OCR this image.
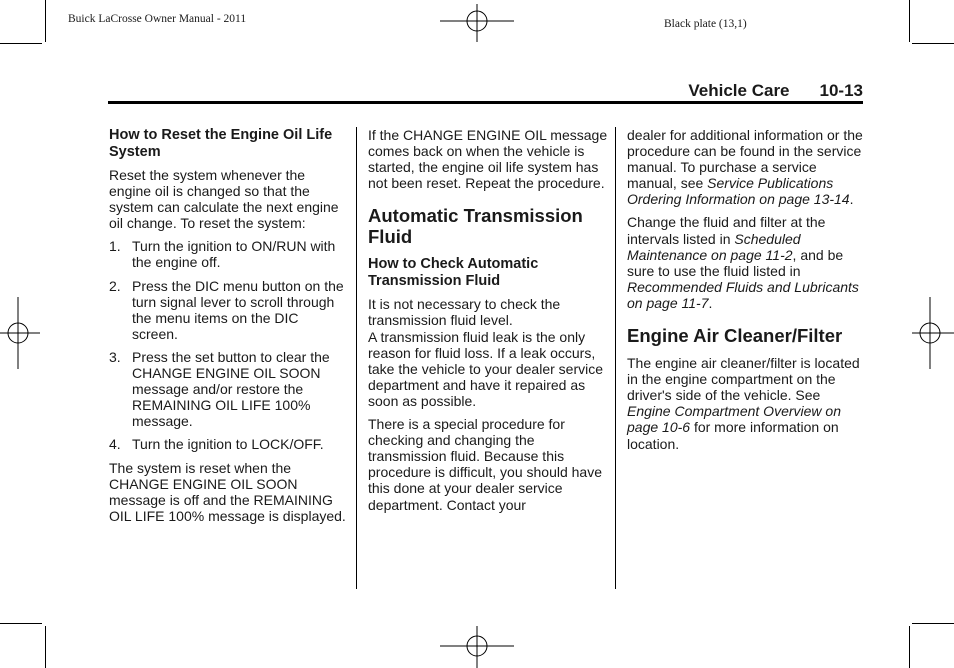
Buick LaCrosse Owner Manual - 2011	Black plate (13,1)
Vehicle Care 10-13
How to Reset the Engine Oil Life System

Reset the system whenever the engine oil is changed so that the system can calculate the next engine oil change. To reset the system:

1. Turn the ignition to ON/RUN with the engine off.
2. Press the DIC menu button on the turn signal lever to scroll through the menu items on the DIC screen.
3. Press the set button to clear the CHANGE ENGINE OIL SOON message and/or restore the REMAINING OIL LIFE 100% message.
4. Turn the ignition to LOCK/OFF.

The system is reset when the CHANGE ENGINE OIL SOON message is off and the REMAINING OIL LIFE 100% message is displayed.

If the CHANGE ENGINE OIL message comes back on when the vehicle is started, the engine oil life system has not been reset. Repeat the procedure.

Automatic Transmission Fluid
How to Check Automatic Transmission Fluid

It is not necessary to check the transmission fluid level.
A transmission fluid leak is the only reason for fluid loss. If a leak occurs, take the vehicle to your dealer service department and have it repaired as soon as possible.

There is a special procedure for checking and changing the transmission fluid. Because this procedure is difficult, you should have this done at your dealer service department. Contact your

dealer for additional information or the procedure can be found in the service manual. To purchase a service manual, see Service Publications Ordering Information on page 13-14.

Change the fluid and filter at the intervals listed in Scheduled Maintenance on page 11-2, and be sure to use the fluid listed in Recommended Fluids and Lubricants on page 11-7.

Engine Air Cleaner/Filter

The engine air cleaner/filter is located in the engine compartment on the driver's side of the vehicle. See Engine Compartment Overview on page 10-6 for more information on location.
